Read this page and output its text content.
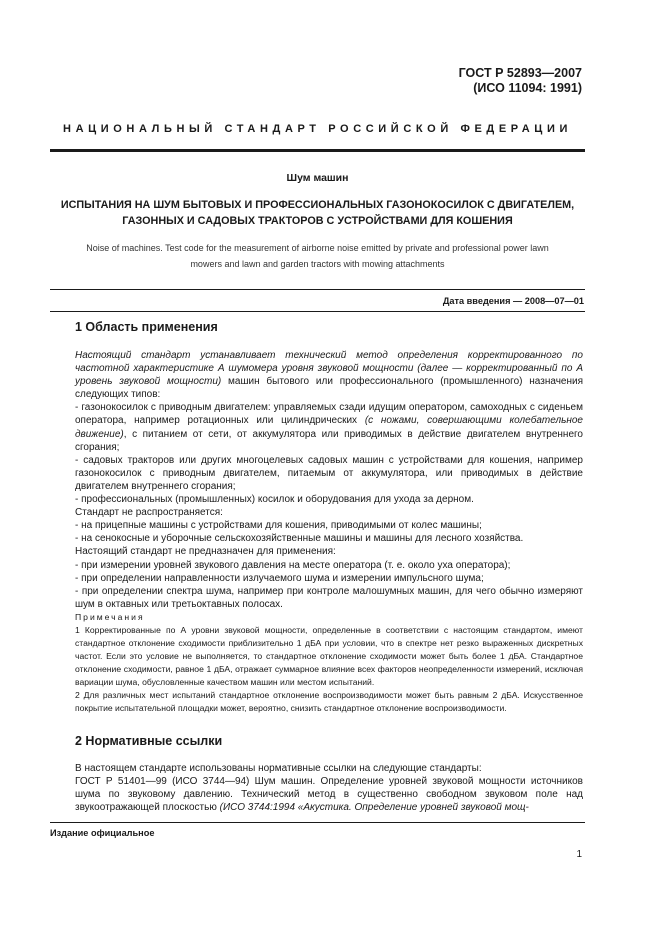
ГОСТ Р 52893—2007
(ИСО 11094: 1991)
НАЦИОНАЛЬНЫЙ СТАНДАРТ РОССИЙСКОЙ ФЕДЕРАЦИИ
Шум машин
ИСПЫТАНИЯ НА ШУМ БЫТОВЫХ И ПРОФЕССИОНАЛЬНЫХ ГАЗОНОКОСИЛОК С ДВИГАТЕЛЕМ,
ГАЗОННЫХ И САДОВЫХ ТРАКТОРОВ С УСТРОЙСТВАМИ ДЛЯ КОШЕНИЯ
Noise of machines. Test code for the measurement of airborne noise emitted by private and professional power lawn
mowers and lawn and garden tractors with mowing attachments
Дата введения — 2008—07—01
1 Область применения

Настоящий стандарт устанавливает технический метод определения корректированного по частотной характеристике А шумомера уровня звуковой мощности (далее — корректированный по А уровень звуковой мощности) машин бытового или профессионального (промышленного) назначения следующих типов:

- газонокосилок с приводным двигателем: управляемых сзади идущим оператором, самоходных с сиденьем оператора, например ротационных или цилиндрических (с ножами, совершающими колебательное движение), с питанием от сети, от аккумулятора или приводимых в действие двигателем внутреннего сгорания;

- садовых тракторов или других многоцелевых садовых машин с устройствами для кошения, например газонокосилок с приводным двигателем, питаемым от аккумулятора, или приводимых в действие двигателем внутреннего сгорания;

- профессиональных (промышленных) косилок и оборудования для ухода за дерном.

Стандарт не распространяется:

- на прицепные машины с устройствами для кошения, приводимыми от колес машины;

- на сенокосные и уборочные сельскохозяйственные машины и машины для лесного хозяйства.

Настоящий стандарт не предназначен для применения:

- при измерении уровней звукового давления на месте оператора (т. е. около уха оператора);

- при определении направленности излучаемого шума и измерении импульсного шума;

- при определении спектра шума, например при контроле малошумных машин, для чего обычно измеряют шум в октавных или третьоктавных полосах.

Примечания

1 Корректированные по А уровни звуковой мощности, определенные в соответствии с настоящим стандартом, имеют стандартное отклонение сходимости приблизительно 1 дБА при условии, что в спектре нет резко выраженных дискретных частот. Если это условие не выполняется, то стандартное отклонение сходимости может быть более 1 дБА. Стандартное отклонение сходимости, равное 1 дБА, отражает суммарное влияние всех факторов неопределенности измерений, исключая вариации шума, обусловленные качеством машин или местом испытаний.

2 Для различных мест испытаний стандартное отклонение воспроизводимости может быть равным 2 дБА. Искусственное покрытие испытательной площадки может, вероятно, снизить стандартное отклонение воспроизводимости.

2 Нормативные ссылки

В настоящем стандарте использованы нормативные ссылки на следующие стандарты:

ГОСТ Р 51401—99 (ИСО 3744—94) Шум машин. Определение уровней звуковой мощности источников шума по звуковому давлению. Технический метод в существенно свободном звуковом поле над звукоотражающей плоскостью (ИСО 3744:1994 «Акустика. Определение уровней звуковой мощ-

Издание официальное
1
